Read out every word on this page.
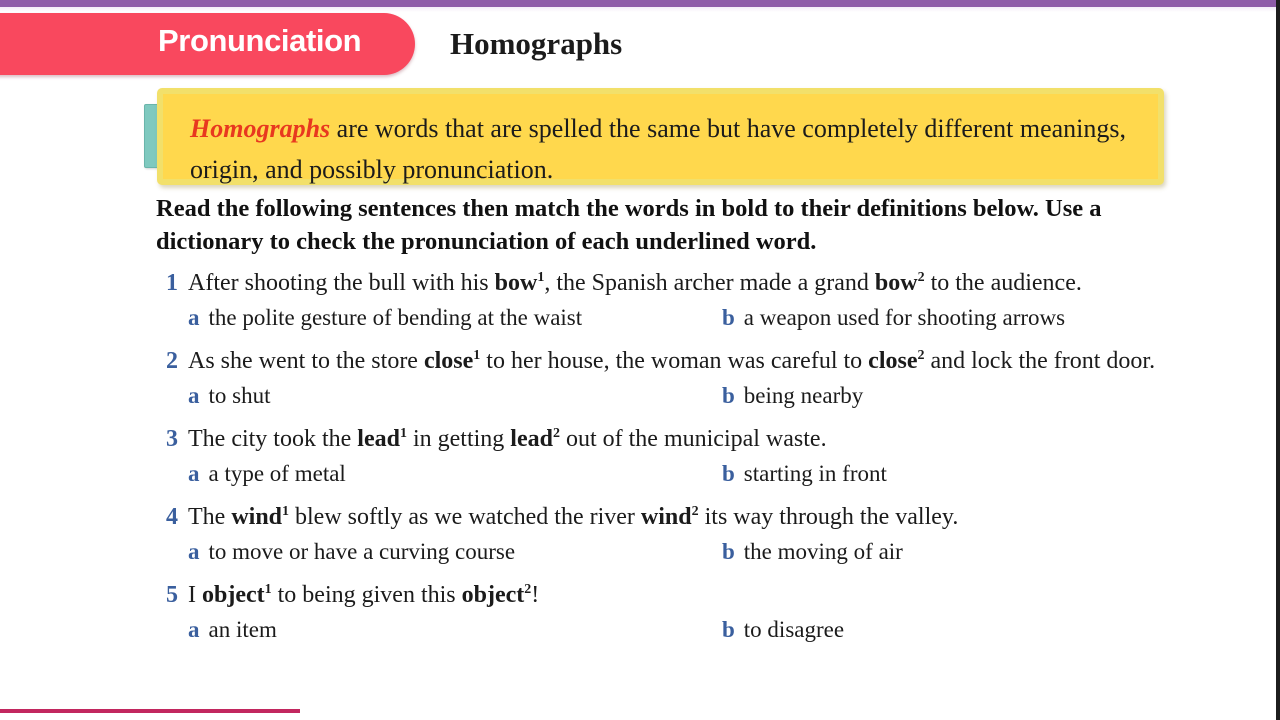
Pronunciation	Homographs
Homographs are words that are spelled the same but have completely different meanings, origin, and possibly pronunciation.
Read the following sentences then match the words in bold to their definitions below. Use a dictionary to check the pronunciation of each underlined word.
1 After shooting the bull with his bow$^1$, the Spanish archer made a grand bow$^2$ to the audience.
a the polite gesture of bending at the waist	b a weapon used for shooting arrows
2 As she went to the store close$^1$ to her house, the woman was careful to close$^2$ and lock the front door.
a to shut	b being nearby
3 The city took the lead$^1$ in getting lead$^2$ out of the municipal waste.
a a type of metal	b starting in front
4 The wind$^1$ blew softly as we watched the river wind$^2$ its way through the valley.
a to move or have a curving course	b the moving of air
5 I object$^1$ to being given this object$^2$!
a an item	b to disagree
